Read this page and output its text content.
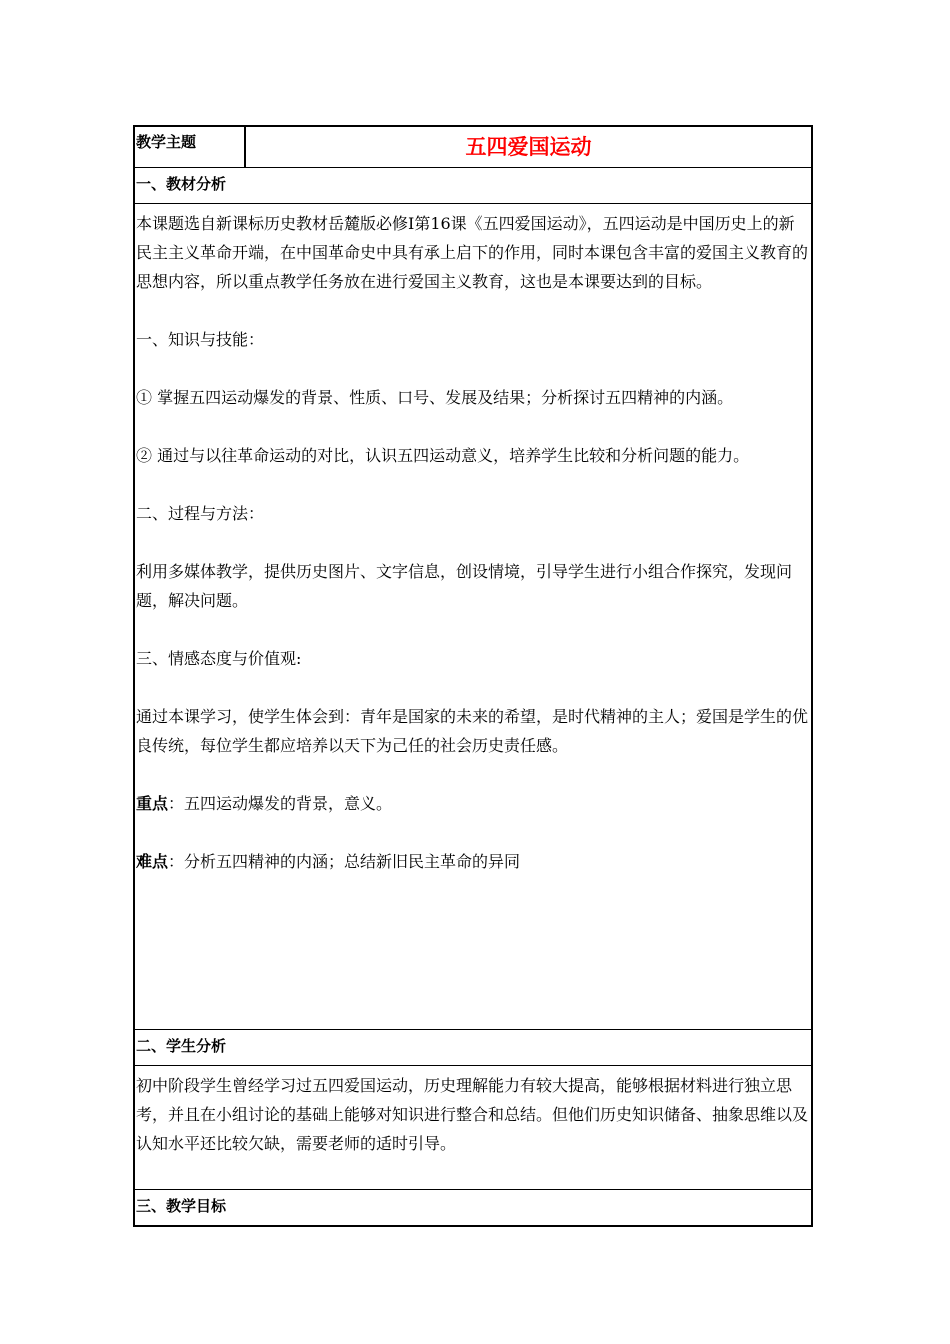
教学主题	五四爱国运动
一、教材分析

本课题选自新课标历史教材岳麓版必修Ⅰ第16课《五四爱国运动》，五四运动是中国历史上的新民主主义革命开端，在中国革命史中具有承上启下的作用，同时本课包含丰富的爱国主义教育的思想内容，所以重点教学任务放在进行爱国主义教育，这也是本课要达到的目标。

一、知识与技能：

① 掌握五四运动爆发的背景、性质、口号、发展及结果；分析探讨五四精神的内涵。

② 通过与以往革命运动的对比，认识五四运动意义，培养学生比较和分析问题的能力。

二、过程与方法：

利用多媒体教学，提供历史图片、文字信息，创设情境，引导学生进行小组合作探究，发现问题，解决问题。

三、情感态度与价值观:

通过本课学习，使学生体会到：青年是国家的未来的希望，是时代精神的主人；爱国是学生的优良传统，每位学生都应培养以天下为己任的社会历史责任感。

重点：五四运动爆发的背景，意义。

难点：分析五四精神的内涵；总结新旧民主革命的异同

二、学生分析

初中阶段学生曾经学习过五四爱国运动，历史理解能力有较大提高，能够根据材料进行独立思考，并且在小组讨论的基础上能够对知识进行整合和总结。但他们历史知识储备、抽象思维以及认知水平还比较欠缺，需要老师的适时引导。

三、教学目标
